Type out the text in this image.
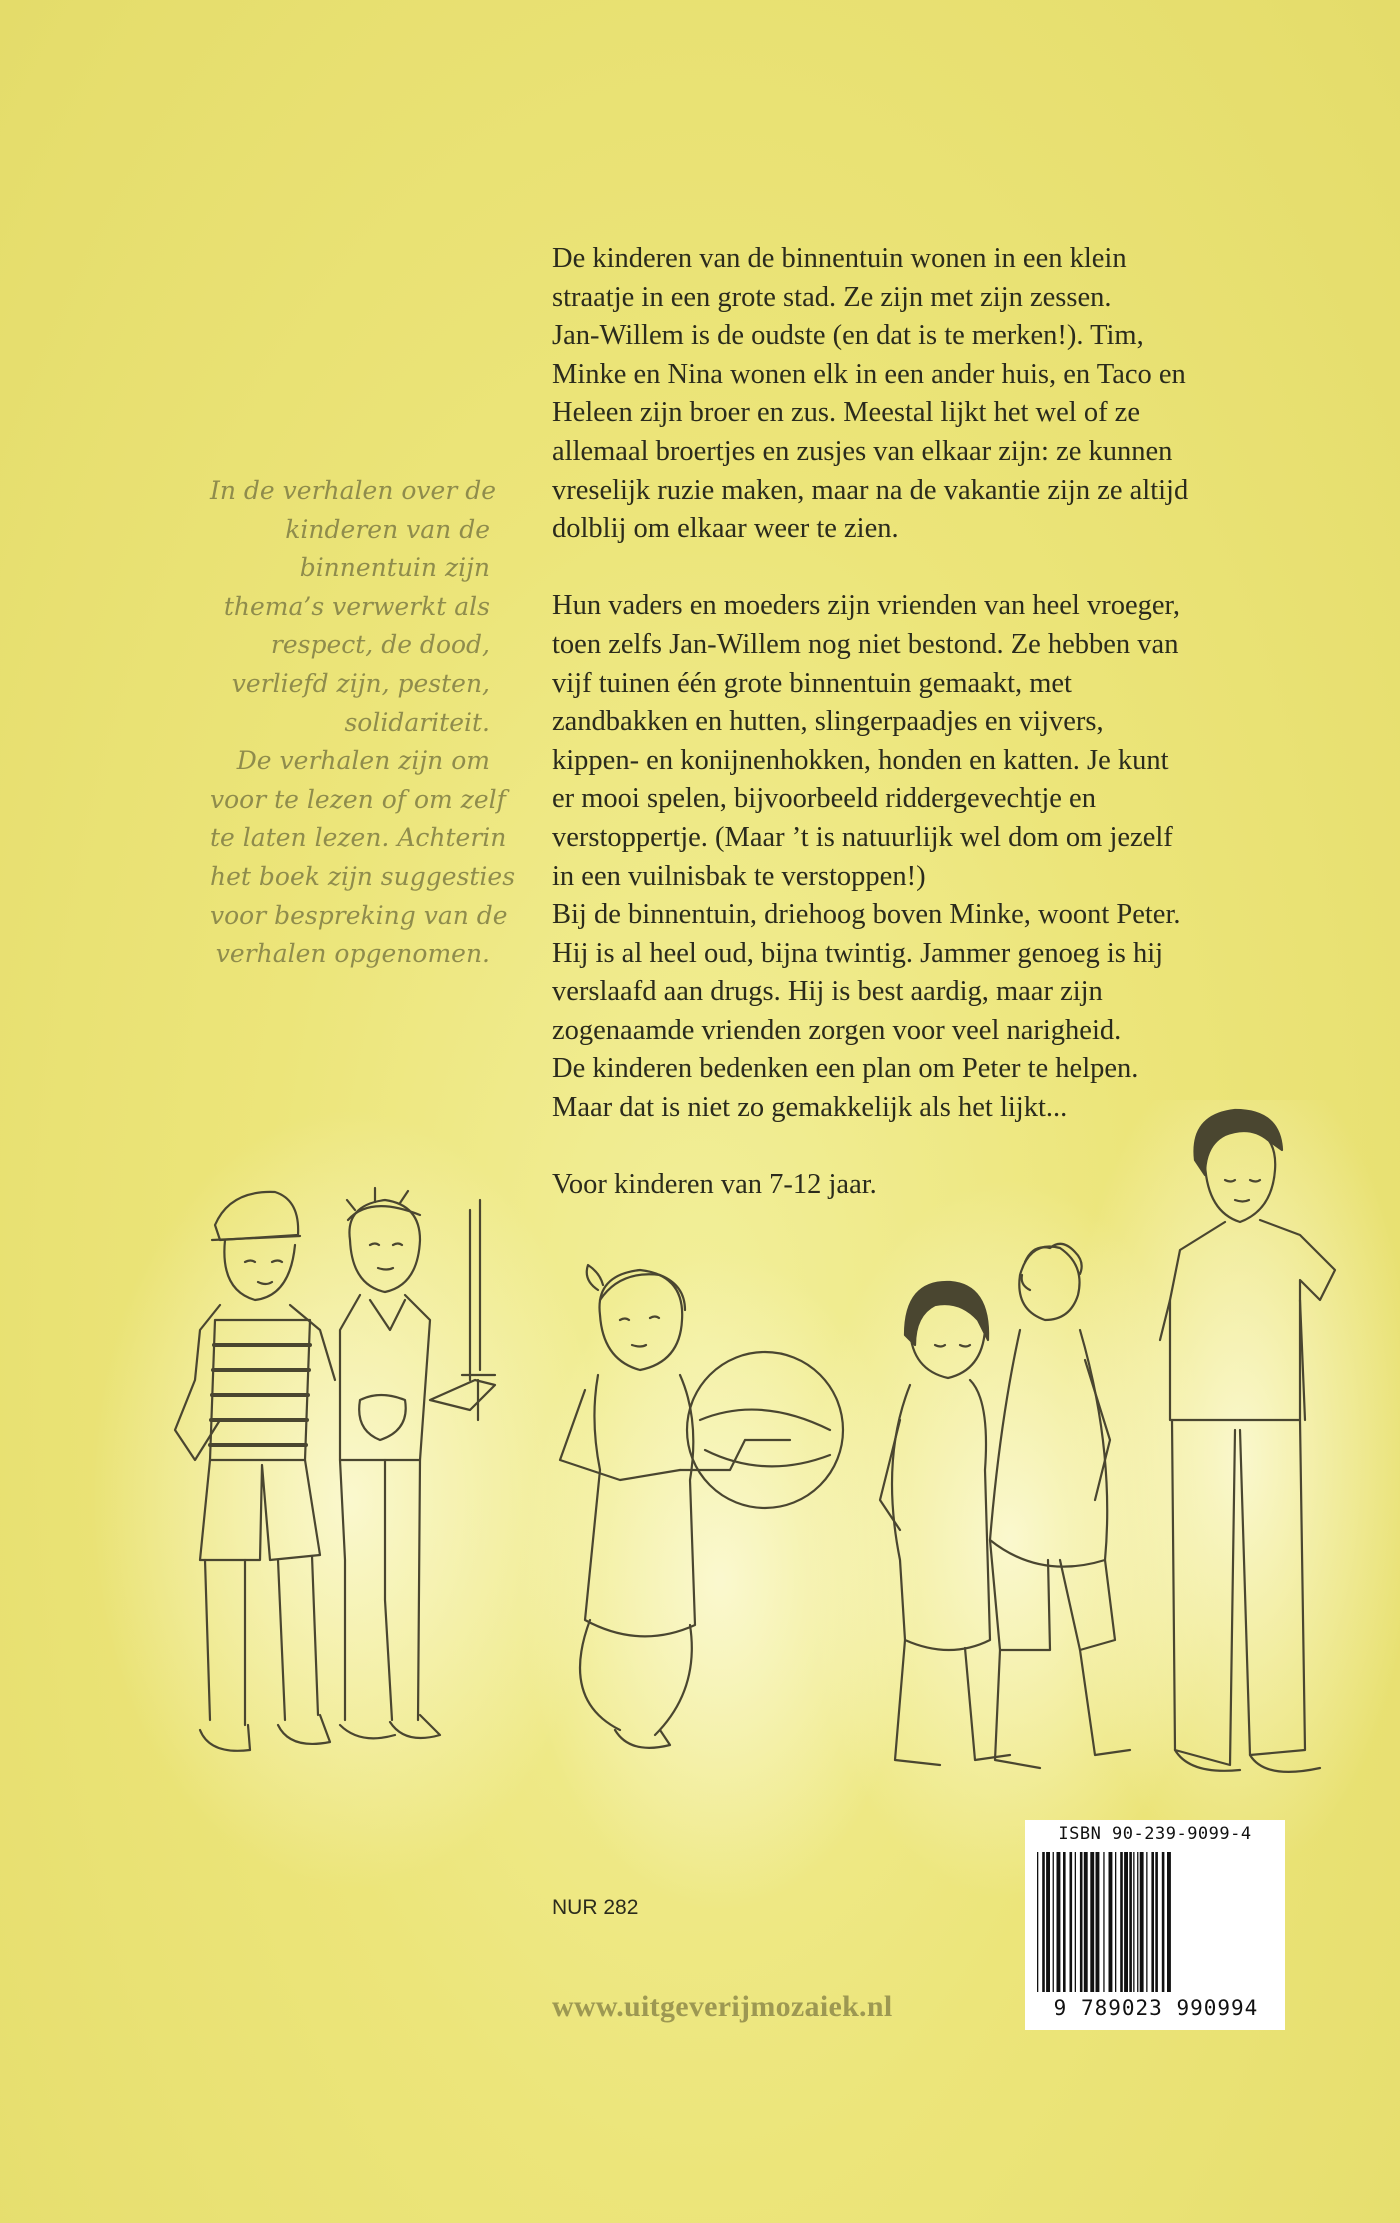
In de verhalen over de
kinderen van de
binnentuin zijn
thema’s verwerkt als
respect, de dood,
verliefd zijn, pesten,
solidariteit.
De verhalen zijn om
voor te lezen of om zelf
te laten lezen. Achterin
het boek zijn suggesties
voor bespreking van de
verhalen opgenomen.

De kinderen van de binnentuin wonen in een klein
straatje in een grote stad. Ze zijn met zijn zessen.
Jan-Willem is de oudste (en dat is te merken!). Tim,
Minke en Nina wonen elk in een ander huis, en Taco en
Heleen zijn broer en zus. Meestal lijkt het wel of ze
allemaal broertjes en zusjes van elkaar zijn: ze kunnen
vreselijk ruzie maken, maar na de vakantie zijn ze altijd
dolblij om elkaar weer te zien.

Hun vaders en moeders zijn vrienden van heel vroeger,
toen zelfs Jan-Willem nog niet bestond. Ze hebben van
vijf tuinen één grote binnentuin gemaakt, met
zandbakken en hutten, slingerpaadjes en vijvers,
kippen- en konijnenhokken, honden en katten. Je kunt
er mooi spelen, bijvoorbeeld riddergevechtje en
verstoppertje. (Maar ’t is natuurlijk wel dom om jezelf
in een vuilnisbak te verstoppen!)
Bij de binnentuin, driehoog boven Minke, woont Peter.
Hij is al heel oud, bijna twintig. Jammer genoeg is hij
verslaafd aan drugs. Hij is best aardig, maar zijn
zogenaamde vrienden zorgen voor veel narigheid.
De kinderen bedenken een plan om Peter te helpen.
Maar dat is niet zo gemakkelijk als het lijkt...

Voor kinderen van 7-12 jaar.

NUR 282
www.uitgeverijmozaiek.nl
ISBN 90-239-9099-4
9 789023 990994
